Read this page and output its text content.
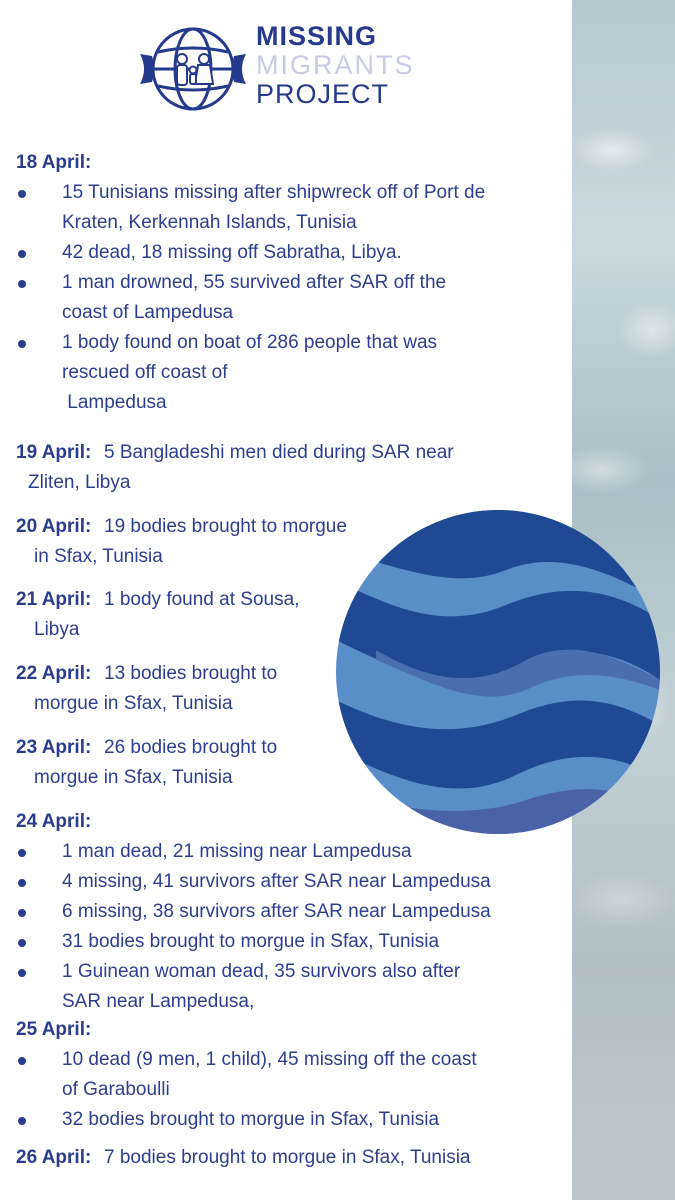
MISSING
MIGRANTS
PROJECT
18 April:
15 Tunisians missing after shipwreck off of Port de
Kraten, Kerkennah Islands, Tunisia
42 dead, 18 missing off Sabratha, Libya.
1 man drowned, 55 survived after SAR off the
coast of Lampedusa
1 body found on boat of 286 people that was
rescued off coast of
Lampedusa
19 April: 5 Bangladeshi men died during SAR near
Zliten, Libya
20 April: 19 bodies brought to morgue
in Sfax, Tunisia
21 April: 1 body found at Sousa,
Libya
22 April: 13 bodies brought to
morgue in Sfax, Tunisia
23 April: 26 bodies brought to
morgue in Sfax, Tunisia
24 April:
1 man dead, 21 missing near Lampedusa
4 missing, 41 survivors after SAR near Lampedusa
6 missing, 38 survivors after SAR near Lampedusa
31 bodies brought to morgue in Sfax, Tunisia
1 Guinean woman dead, 35 survivors also after
SAR near Lampedusa,
25 April:
10 dead (9 men, 1 child), 45 missing off the coast
of Garaboulli
32 bodies brought to morgue in Sfax, Tunisia
26 April: 7 bodies brought to morgue in Sfax, Tunisia
